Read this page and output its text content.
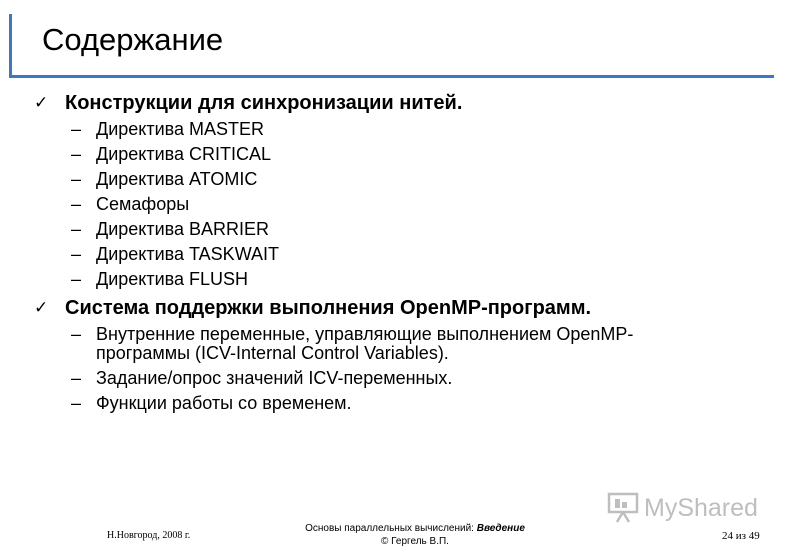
Содержание
✓ Конструкции для синхронизации нитей.
– Директива MASTER
– Директива CRITICAL
– Директива ATOMIC
– Семафоры
– Директива BARRIER
– Директива TASKWAIT
– Директива FLUSH
✓ Система поддержки выполнения OpenMP-программ.
– Внутренние переменные, управляющие выполнением OpenMP-программы (ICV-Internal Control Variables).
– Задание/опрос значений ICV-переменных.
– Функции работы со временем.
MyShared
Н.Новгород, 2008 г.
Основы параллельных вычислений: Введение
© Гергель В.П.	24 из 49
